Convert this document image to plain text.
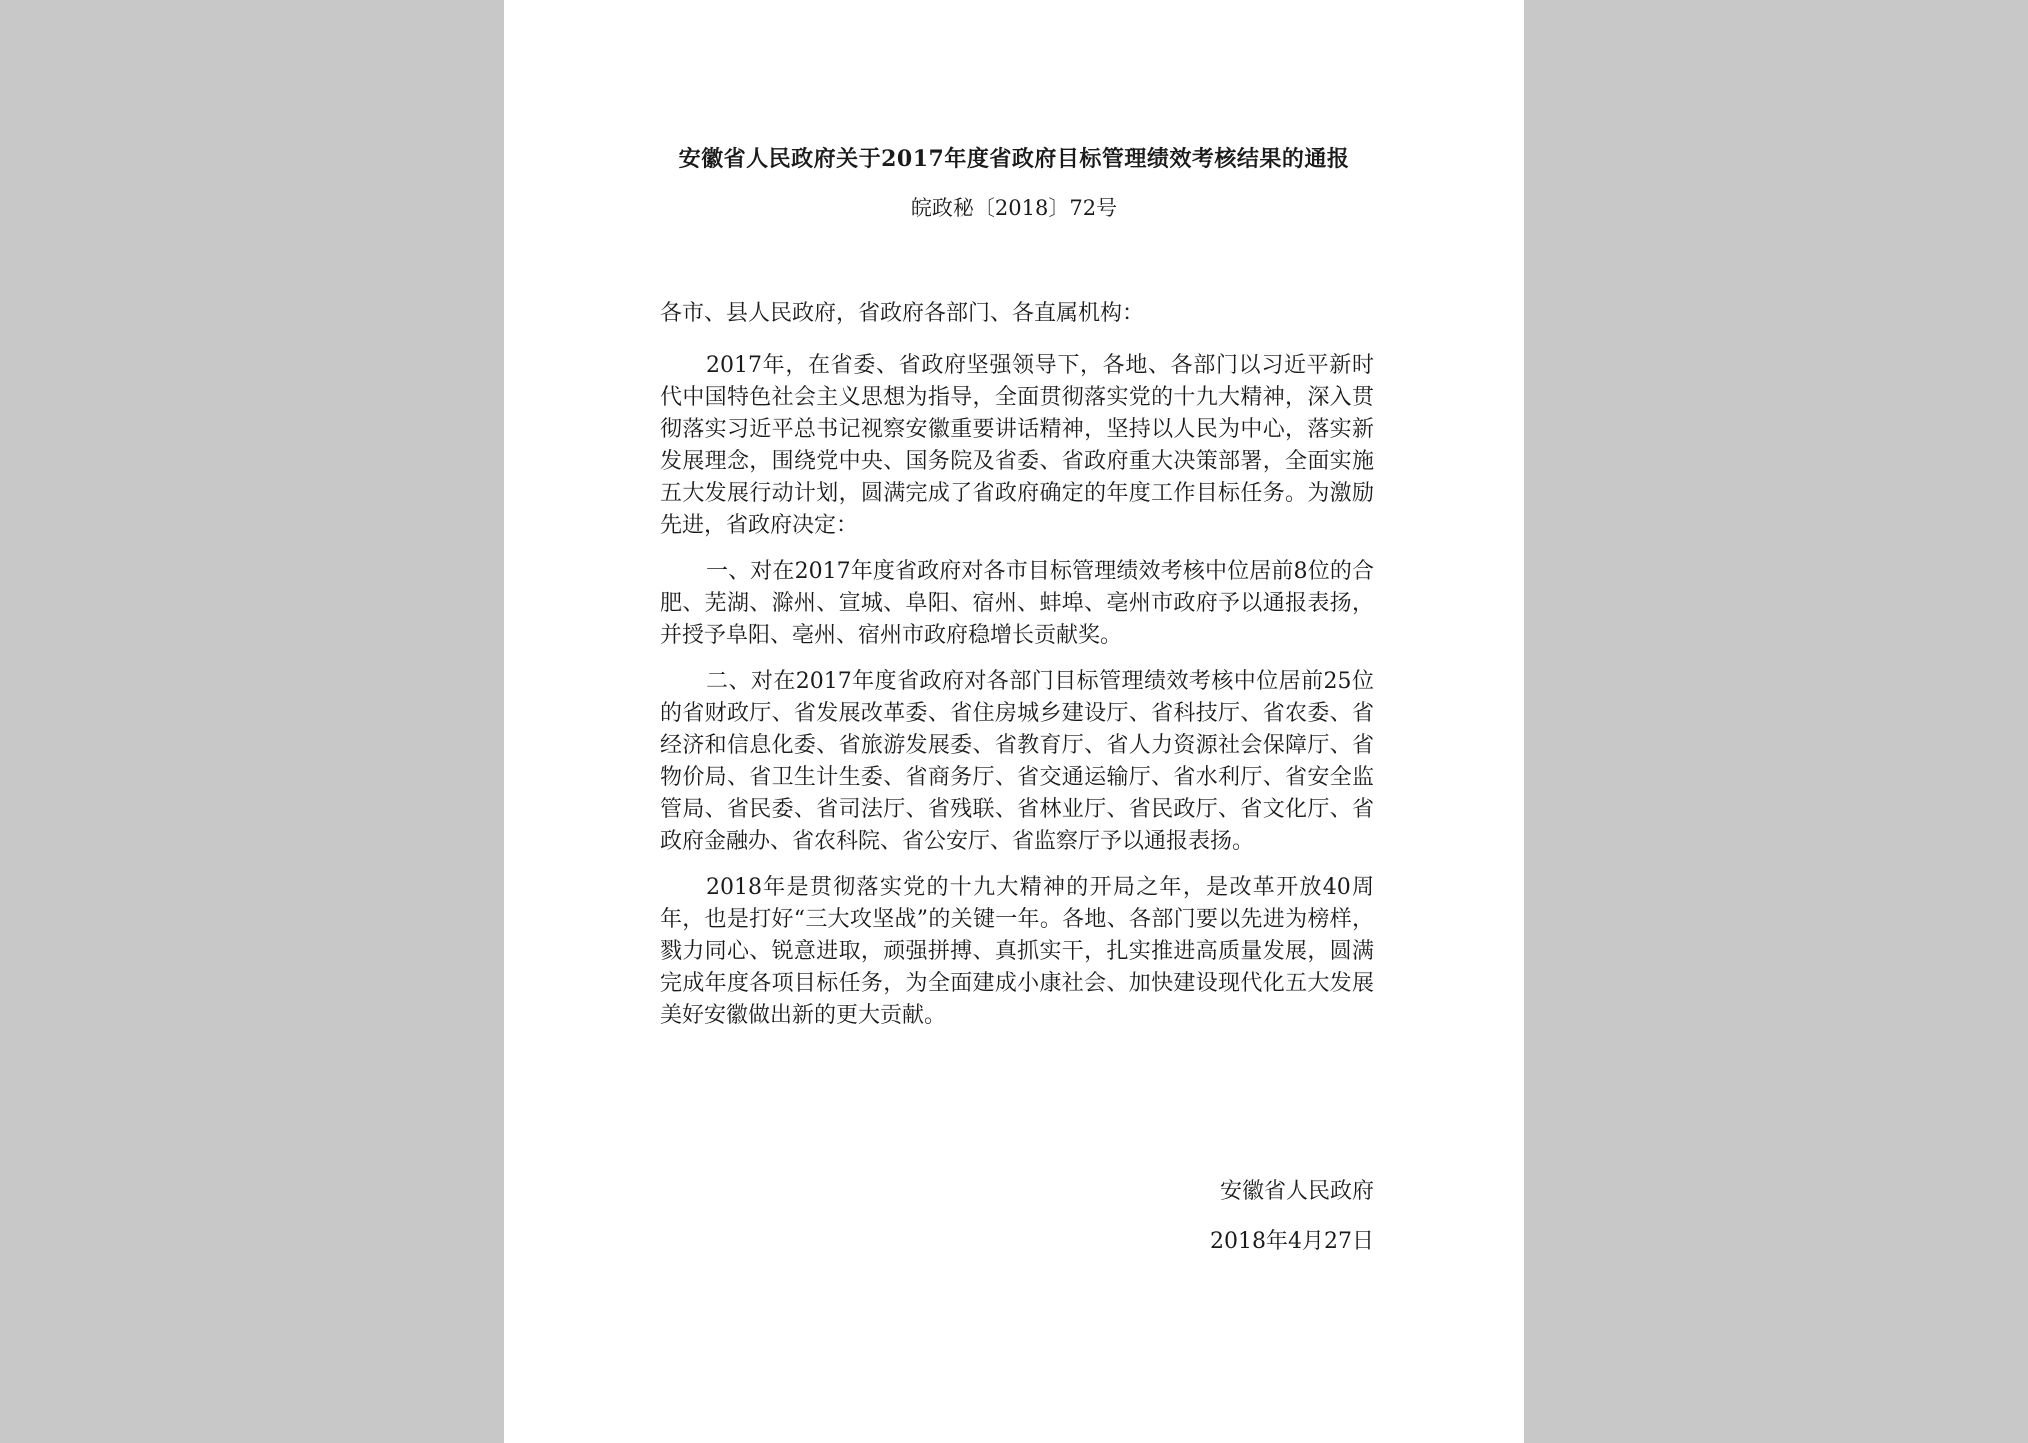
安徽省人民政府关于2017年度省政府目标管理绩效考核结果的通报
皖政秘〔2018〕72号

各市、县人民政府，省政府各部门、各直属机构：

2017年，在省委、省政府坚强领导下，各地、各部门以习近平新时代中国特色社会主义思想为指导，全面贯彻落实党的十九大精神，深入贯彻落实习近平总书记视察安徽重要讲话精神，坚持以人民为中心，落实新发展理念，围绕党中央、国务院及省委、省政府重大决策部署，全面实施五大发展行动计划，圆满完成了省政府确定的年度工作目标任务。为激励先进，省政府决定：

一、对在2017年度省政府对各市目标管理绩效考核中位居前8位的合肥、芜湖、滁州、宣城、阜阳、宿州、蚌埠、亳州市政府予以通报表扬，并授予阜阳、亳州、宿州市政府稳增长贡献奖。

二、对在2017年度省政府对各部门目标管理绩效考核中位居前25位的省财政厅、省发展改革委、省住房城乡建设厅、省科技厅、省农委、省经济和信息化委、省旅游发展委、省教育厅、省人力资源社会保障厅、省物价局、省卫生计生委、省商务厅、省交通运输厅、省水利厅、省安全监管局、省民委、省司法厅、省残联、省林业厅、省民政厅、省文化厅、省政府金融办、省农科院、省公安厅、省监察厅予以通报表扬。

2018年是贯彻落实党的十九大精神的开局之年，是改革开放40周年，也是打好“三大攻坚战”的关键一年。各地、各部门要以先进为榜样，戮力同心、锐意进取，顽强拼搏、真抓实干，扎实推进高质量发展，圆满完成年度各项目标任务，为全面建成小康社会、加快建设现代化五大发展美好安徽做出新的更大贡献。

安徽省人民政府
2018年4月27日
